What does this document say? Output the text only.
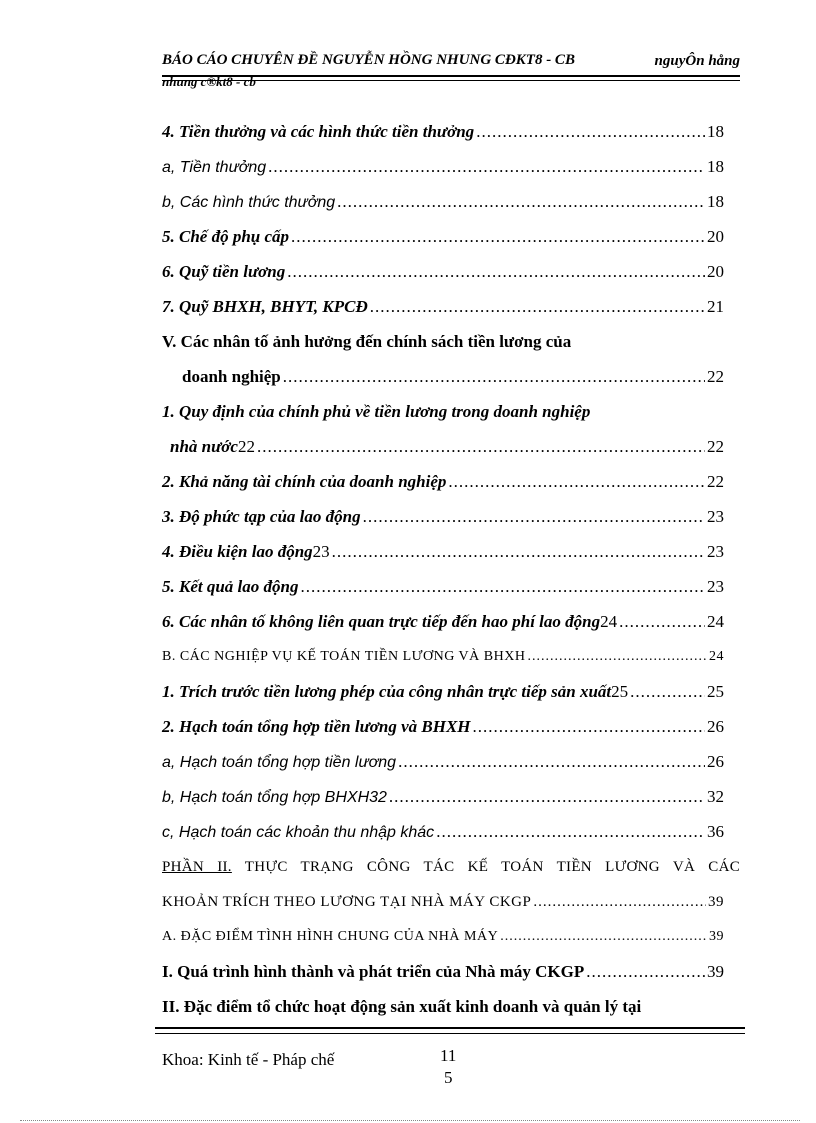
BÁO CÁO CHUYÊN ĐỀ NGUYỄN HỒNG NHUNG CĐKT8 - CB	nguyÔn hång
nhung c®kt8 - cb
4. Tiền thưởng và các hình thức tiền thưởng .....	18
a, Tiền thưởng .....	18
b, Các hình thức thưởng .....	18
5. Chế độ phụ cấp .....	20
6. Quỹ tiền lương .....	20
7. Quỹ BHXH, BHYT, KPCĐ .....	21
V. Các nhân tố ảnh hưởng đến chính sách tiền lương của
doanh nghiệp .....	22
1. Quy định của chính phủ về tiền lương trong doanh nghiệp
nhà nước 22 .....	22
2. Khả năng tài chính của doanh nghiệp .....	22
3. Độ phức tạp của lao động .....	23
4. Điều kiện lao động 23 .....	23
5. Kết quả lao động .....	23
6. Các nhân tố không liên quan trực tiếp đến hao phí lao động 24 .....	24
B. CÁC NGHIỆP VỤ KẾ TOÁN TIỀN LƯƠNG VÀ BHXH .....	24
1. Trích trước tiền lương phép của công nhân trực tiếp sản xuất 25 .....	25
2. Hạch toán tổng hợp tiền lương và BHXH .....	26
a, Hạch toán tổng hợp tiền lương .....	26
b, Hạch toán tổng hợp BHXH 32 .....	32
c, Hạch toán các khoản thu nhập khác .....	36
PHẦN II. THỰC TRẠNG CÔNG TÁC KẾ TOÁN TIỀN LƯƠNG VÀ CÁC
KHOẢN TRÍCH THEO LƯƠNG TẠI NHÀ MÁY CKGP .....	39
A. ĐẶC ĐIỂM TÌNH HÌNH CHUNG CỦA NHÀ MÁY .....	39
I. Quá trình hình thành và phát triển của Nhà máy CKGP .....	39
II. Đặc điểm tổ chức hoạt động sản xuất kinh doanh và quản lý tại
Khoa: Kinh tế - Pháp chế	11
5
